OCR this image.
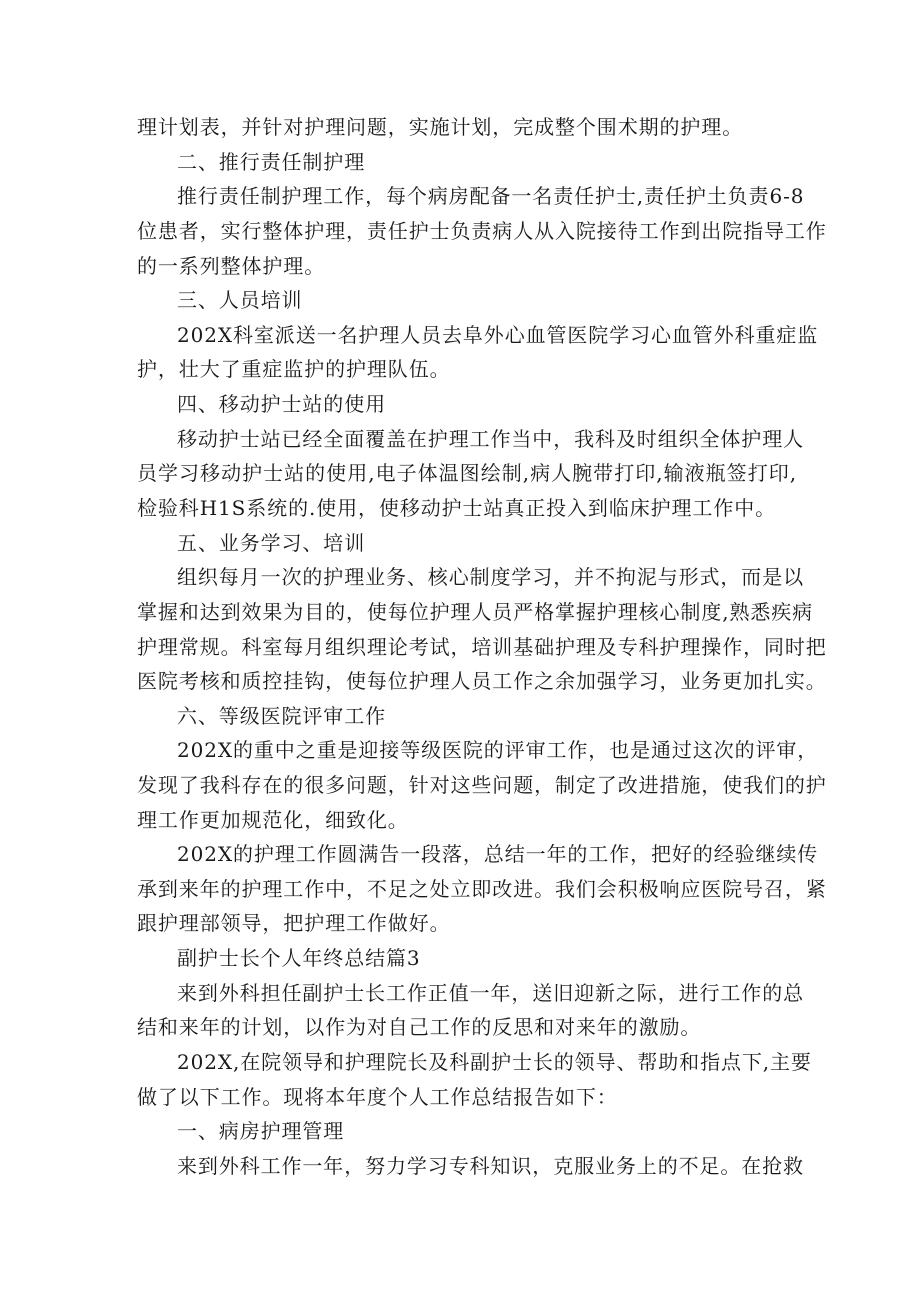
理计划表，并针对护理问题，实施计划，完成整个围术期的护理。
二、推行责任制护理
推行责任制护理工作，每个病房配备一名责任护士,责任护土负责6-8
位患者，实行整体护理，责任护士负责病人从入院接待工作到出院指导工作
的一系列整体护理。
三、人员培训
202X科室派送一名护理人员去阜外心血管医院学习心血管外科重症监
护，壮大了重症监护的护理队伍。
四、移动护士站的使用
移动护士站已经全面覆盖在护理工作当中，我科及时组织全体护理人
员学习移动护士站的使用,电子体温图绘制,病人腕带打印,输液瓶签打印,
检验科H1S系统的.使用，使移动护士站真正投入到临床护理工作中。
五、业务学习、培训
组织每月一次的护理业务、核心制度学习，并不拘泥与形式，而是以
掌握和达到效果为目的，使每位护理人员严格掌握护理核心制度,熟悉疾病
护理常规。科室每月组织理论考试，培训基础护理及专科护理操作，同时把
医院考核和质控挂钩，使每位护理人员工作之余加强学习，业务更加扎实。
六、等级医院评审工作
202X的重中之重是迎接等级医院的评审工作，也是通过这次的评审，
发现了我科存在的很多问题，针对这些问题，制定了改进措施，使我们的护
理工作更加规范化，细致化。
202X的护理工作圆满告一段落，总结一年的工作，把好的经验继续传
承到来年的护理工作中，不足之处立即改进。我们会积极响应医院号召，紧
跟护理部领导，把护理工作做好。
副护士长个人年终总结篇3
来到外科担任副护士长工作正值一年，送旧迎新之际，进行工作的总
结和来年的计划，以作为对自己工作的反思和对来年的激励。
202X,在院领导和护理院长及科副护士长的领导、帮助和指点下,主要
做了以下工作。现将本年度个人工作总结报告如下：
一、病房护理管理
来到外科工作一年，努力学习专科知识，克服业务上的不足。在抢救
